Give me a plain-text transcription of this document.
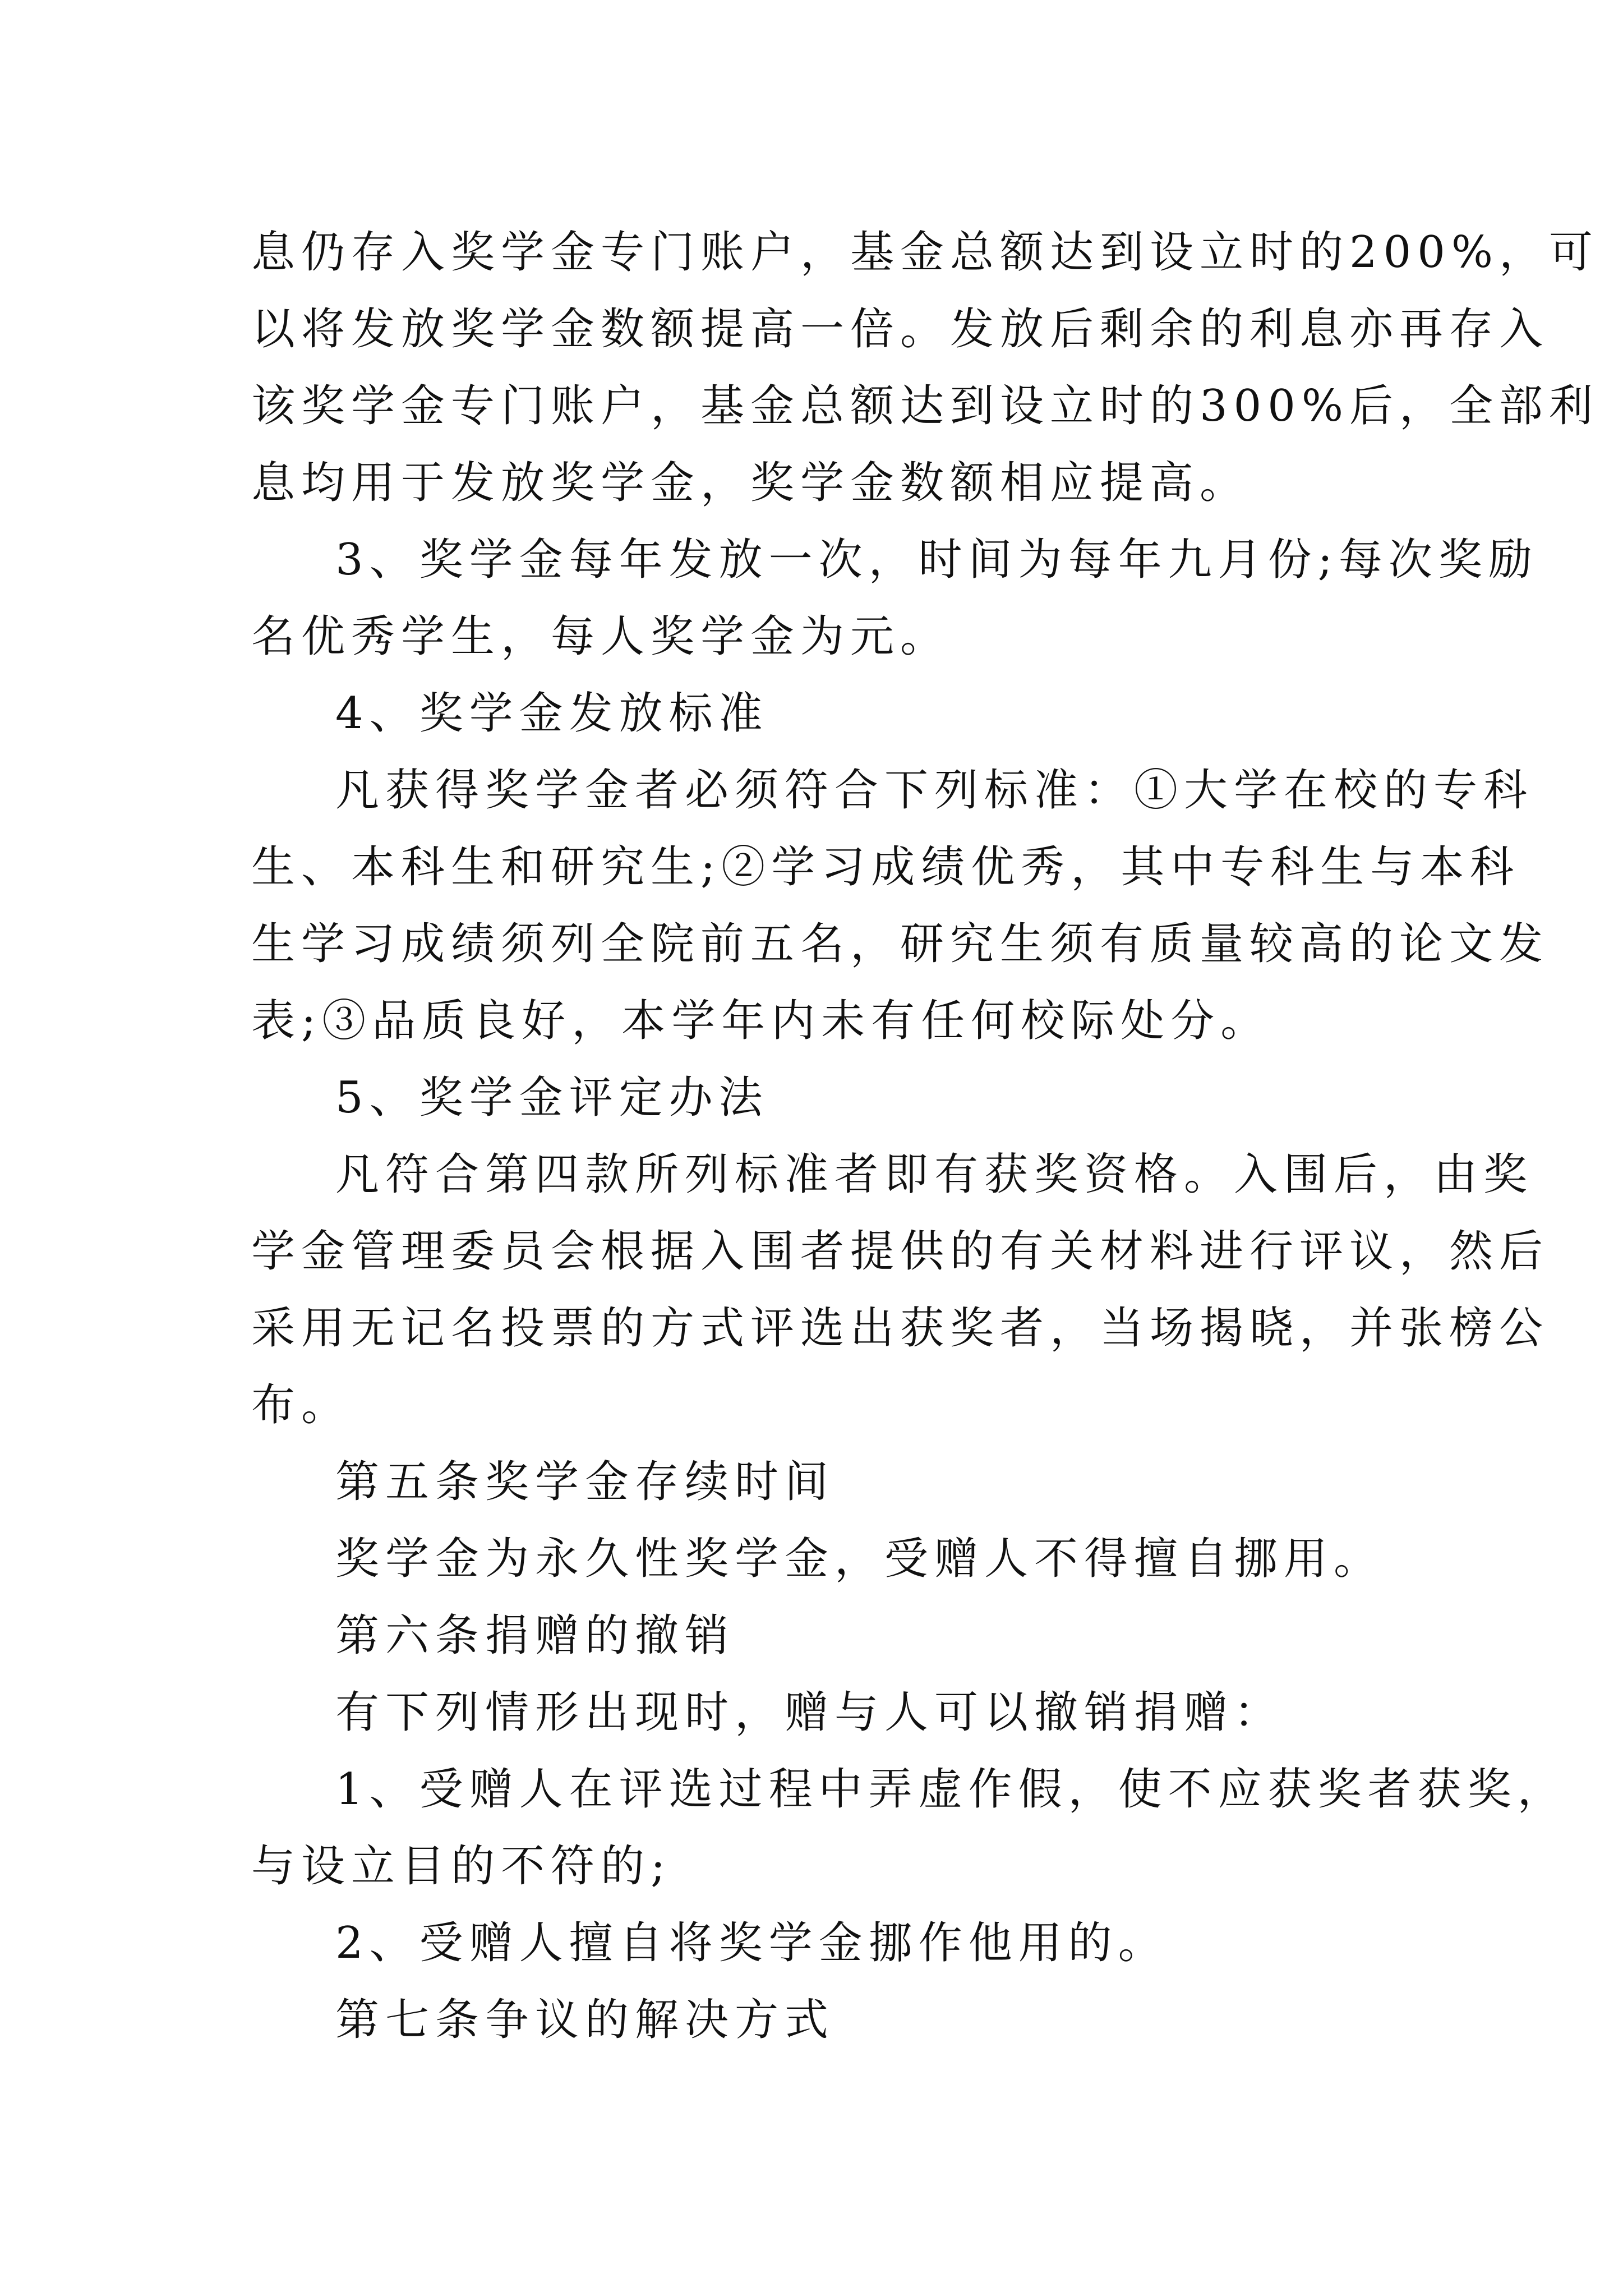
息仍存入奖学金专门账户，基金总额达到设立时的200%，可
以将发放奖学金数额提高一倍。发放后剩余的利息亦再存入
该奖学金专门账户，基金总额达到设立时的300%后，全部利
息均用于发放奖学金，奖学金数额相应提高。
3、奖学金每年发放一次，时间为每年九月份;每次奖励
名优秀学生，每人奖学金为元。
4、奖学金发放标准
凡获得奖学金者必须符合下列标准：①大学在校的专科
生、本科生和研究生;②学习成绩优秀，其中专科生与本科
生学习成绩须列全院前五名，研究生须有质量较高的论文发
表;③品质良好，本学年内未有任何校际处分。
5、奖学金评定办法
凡符合第四款所列标准者即有获奖资格。入围后，由奖
学金管理委员会根据入围者提供的有关材料进行评议，然后
采用无记名投票的方式评选出获奖者，当场揭晓，并张榜公
布。
第五条奖学金存续时间
奖学金为永久性奖学金，受赠人不得擅自挪用。
第六条捐赠的撤销
有下列情形出现时，赠与人可以撤销捐赠：
1、受赠人在评选过程中弄虚作假，使不应获奖者获奖，
与设立目的不符的;
2、受赠人擅自将奖学金挪作他用的。
第七条争议的解决方式
